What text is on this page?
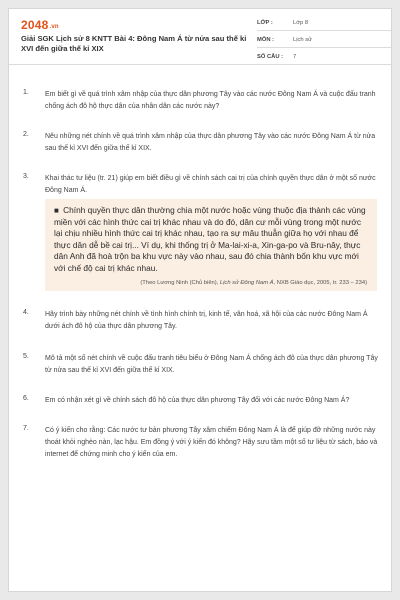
2048.vn
Giải SGK Lịch sử 8 KNTT Bài 4: Đông Nam Á từ nửa sau thế kỉ XVI đến giữa thế kỉ XIX
LỚP :	Lớp 8
MÔN :	Lịch sử
SỐ CÂU : 7
1. Em biết gì về quá trình xâm nhập của thực dân phương Tây vào các nước Đông Nam Á và cuộc đấu tranh chống ách đô hộ thực dân của nhân dân các nước này?
2. Nêu những nét chính về quá trình xâm nhập của thực dân phương Tây vào các nước Đông Nam Á từ nửa sau thế kỉ XVI đến giữa thế kỉ XIX.
3. Khai thác tư liệu (tr. 21) giúp em biết điều gì về chính sách cai trị của chính quyền thực dân ở một số nước Đông Nam Á.
■ Chính quyền thực dân thường chia một nước hoặc vùng thuộc địa thành các vùng miền với các hình thức cai trị khác nhau và do đó, dân cư mỗi vùng trong một nước lại chịu nhiều hình thức cai trị khác nhau, tạo ra sự mâu thuẫn giữa họ với nhau để thực dân dễ bề cai trị... Ví dụ, khi thống trị ở Ma-lai-xi-a, Xin-ga-po và Bru-nây, thực dân Anh đã hoà trộn ba khu vực này vào nhau, sau đó chia thành bốn khu vực mới với chế độ cai trị khác nhau.
(Theo Lương Ninh (Chủ biên), Lịch sử Đông Nam Á, NXB Giáo dục, 2005, tr. 233 – 234)
4. Hãy trình bày những nét chính về tình hình chính trị, kinh tế, văn hoá, xã hội của các nước Đông Nam Á dưới ách đô hộ của thực dân phương Tây.
5. Mô tả một số nét chính về cuộc đấu tranh tiêu biểu ở Đông Nam Á chống ách đô của thực dân phương Tây từ nửa sau thế kỉ XVI đến giữa thế kỉ XIX.
6. Em có nhận xét gì về chính sách đô hộ của thực dân phương Tây đối với các nước Đông Nam Á?
7. Có ý kiến cho rằng: Các nước tư bản phương Tây xâm chiếm Đông Nam Á là để giúp đỡ những nước này thoát khỏi nghèo nàn, lạc hậu. Em đồng ý với ý kiến đó không? Hãy sưu tầm một số tư liệu từ sách, báo và internet để chứng minh cho ý kiến của em.
